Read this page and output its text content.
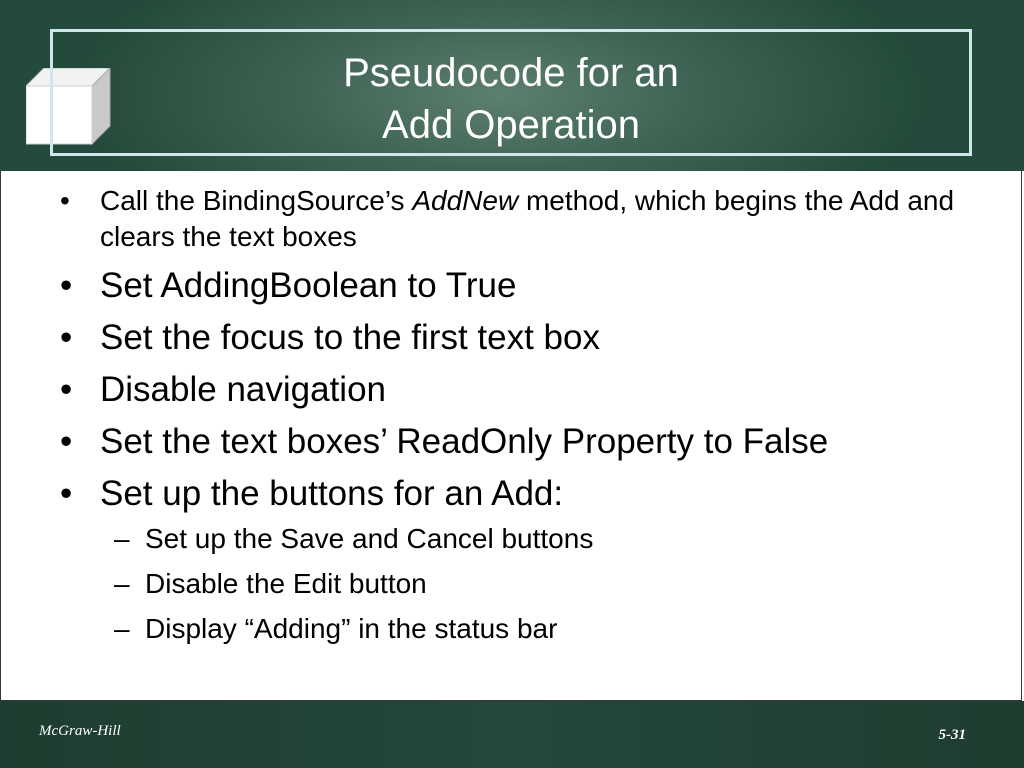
Pseudocode for an
Add Operation
• Call the BindingSource’s AddNew method, which begins the Add and clears the text boxes
• Set AddingBoolean to True
• Set the focus to the first text box
• Disable navigation
• Set the text boxes’ ReadOnly Property to False
• Set up the buttons for an Add:
– Set up the Save and Cancel buttons
– Disable the Edit button
– Display “Adding” in the status bar
McGraw-Hill	5-31
